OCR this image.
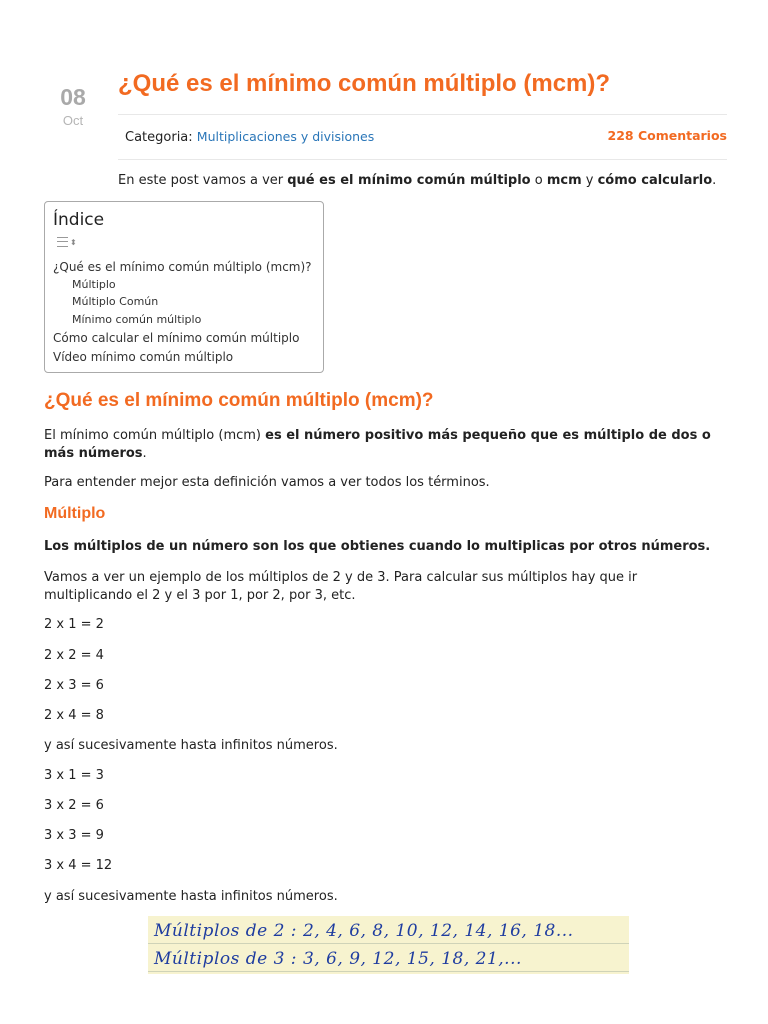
08
Oct
¿Qué es el mínimo común múltiplo (mcm)?
Categoria: Multiplicaciones y divisiones	228 Comentarios
En este post vamos a ver qué es el mínimo común múltiplo o mcm y cómo calcularlo.
Índice
⬍
¿Qué es el mínimo común múltiplo (mcm)?
Múltiplo
Múltiplo Común
Mínimo común múltiplo
Cómo calcular el mínimo común múltiplo
Vídeo mínimo común múltiplo
¿Qué es el mínimo común múltiplo (mcm)?

El mínimo común múltiplo (mcm) es el número positivo más pequeño que es múltiplo de dos o más números.

Para entender mejor esta definición vamos a ver todos los términos.

Múltiplo

Los múltiplos de un número son los que obtienes cuando lo multiplicas por otros números.

Vamos a ver un ejemplo de los múltiplos de 2 y de 3. Para calcular sus múltiplos hay que ir multiplicando el 2 y el 3 por 1, por 2, por 3, etc.

2 x 1 = 2
2 x 2 = 4
2 x 3 = 6
2 x 4 = 8
y así sucesivamente hasta infinitos números.
3 x 1 = 3
3 x 2 = 6
3 x 3 = 9
3 x 4 = 12
y así sucesivamente hasta infinitos números.
Múltiplos de 2 : 2, 4, 6, 8, 10, 12, 14, 16, 18...
Múltiplos de 3 : 3, 6, 9, 12, 15, 18, 21,...
